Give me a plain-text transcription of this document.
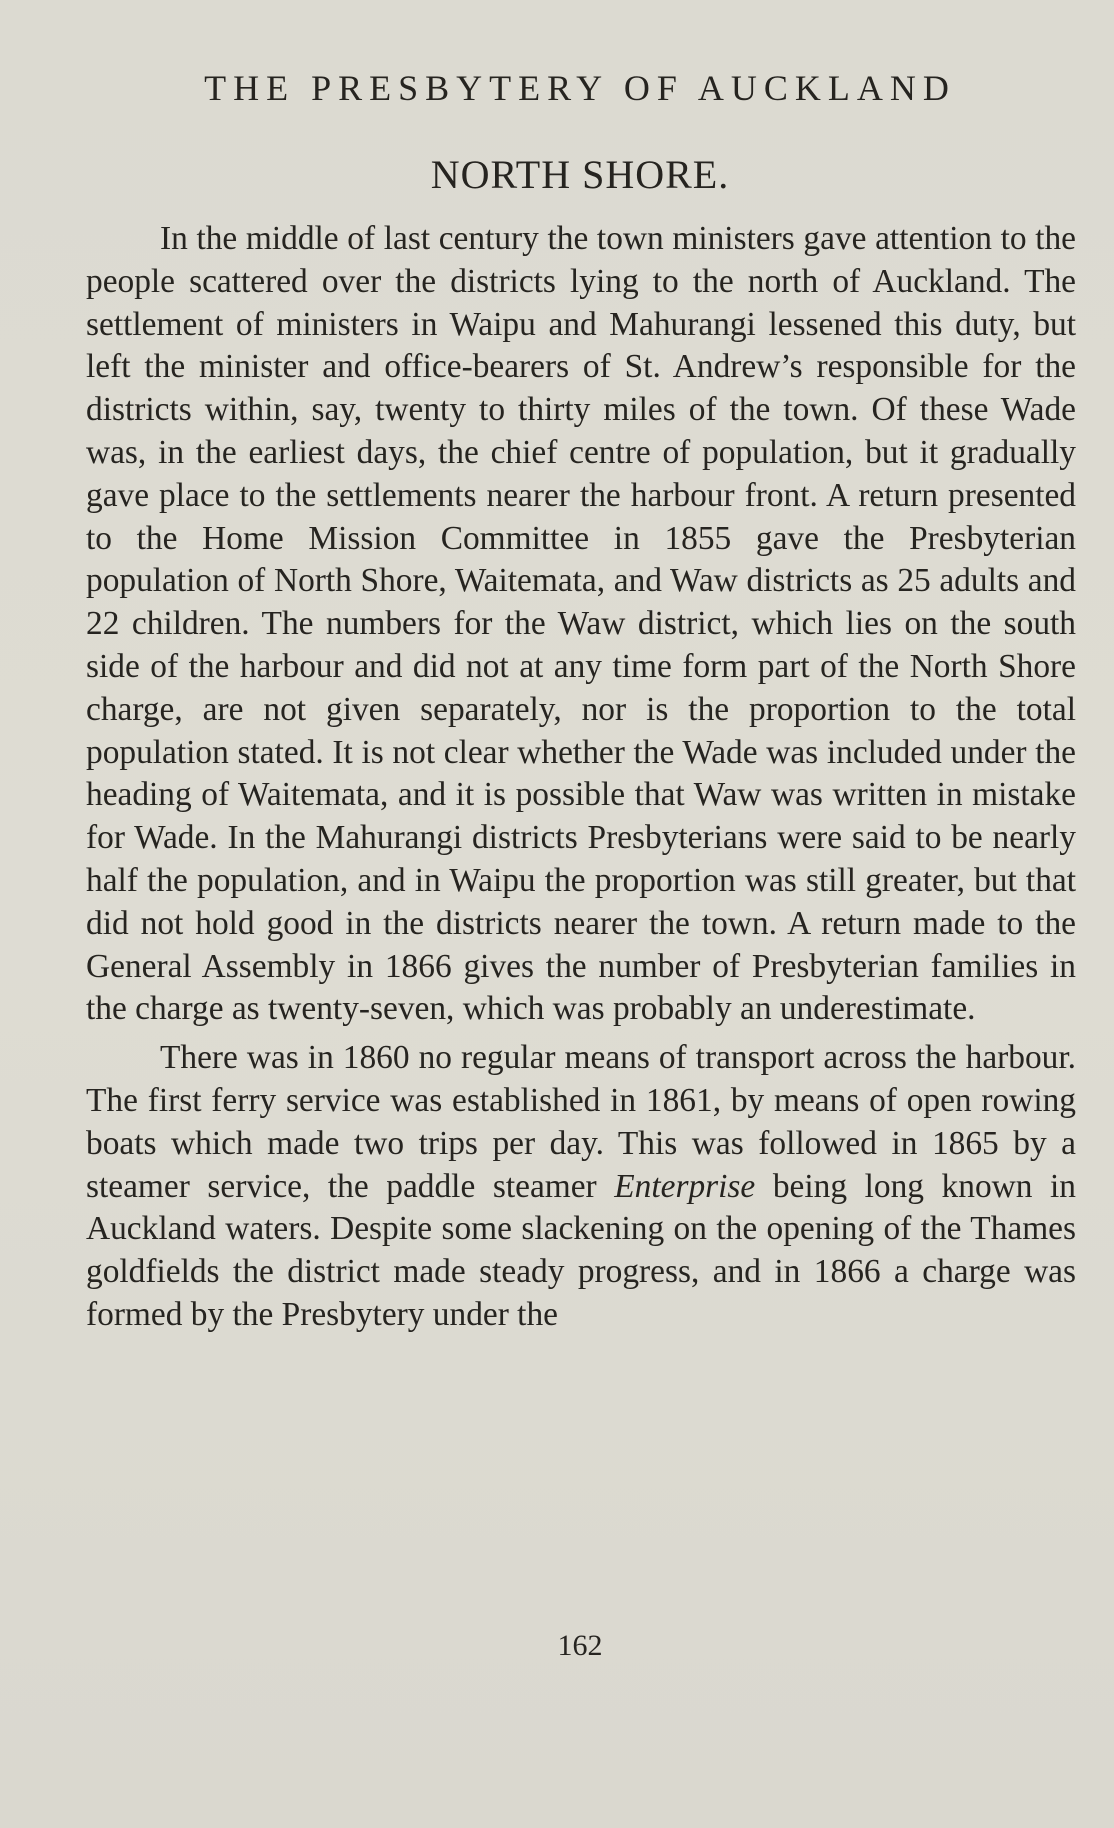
THE PRESBYTERY OF AUCKLAND
NORTH SHORE.

In the middle of last century the town ministers gave attention to the people scattered over the districts lying to the north of Auckland. The settlement of ministers in Waipu and Mahurangi lessened this duty, but left the minister and office-bearers of St. Andrew’s responsible for the districts within, say, twenty to thirty miles of the town. Of these Wade was, in the earliest days, the chief centre of population, but it gradually gave place to the settlements nearer the harbour front. A return presented to the Home Mission Committee in 1855 gave the Presbyterian population of North Shore, Waitemata, and Waw districts as 25 adults and 22 children. The numbers for the Waw district, which lies on the south side of the harbour and did not at any time form part of the North Shore charge, are not given separately, nor is the proportion to the total population stated. It is not clear whether the Wade was included under the heading of Waitemata, and it is possible that Waw was written in mistake for Wade. In the Mahurangi districts Presbyterians were said to be nearly half the population, and in Waipu the proportion was still greater, but that did not hold good in the districts nearer the town. A return made to the General Assembly in 1866 gives the number of Presbyterian families in the charge as twenty-seven, which was probably an underestimate.

There was in 1860 no regular means of transport across the harbour. The first ferry service was established in 1861, by means of open rowing boats which made two trips per day. This was followed in 1865 by a steamer service, the paddle steamer Enterprise being long known in Auckland waters. Despite some slackening on the opening of the Thames goldfields the district made steady progress, and in 1866 a charge was formed by the Presbytery under the

162
